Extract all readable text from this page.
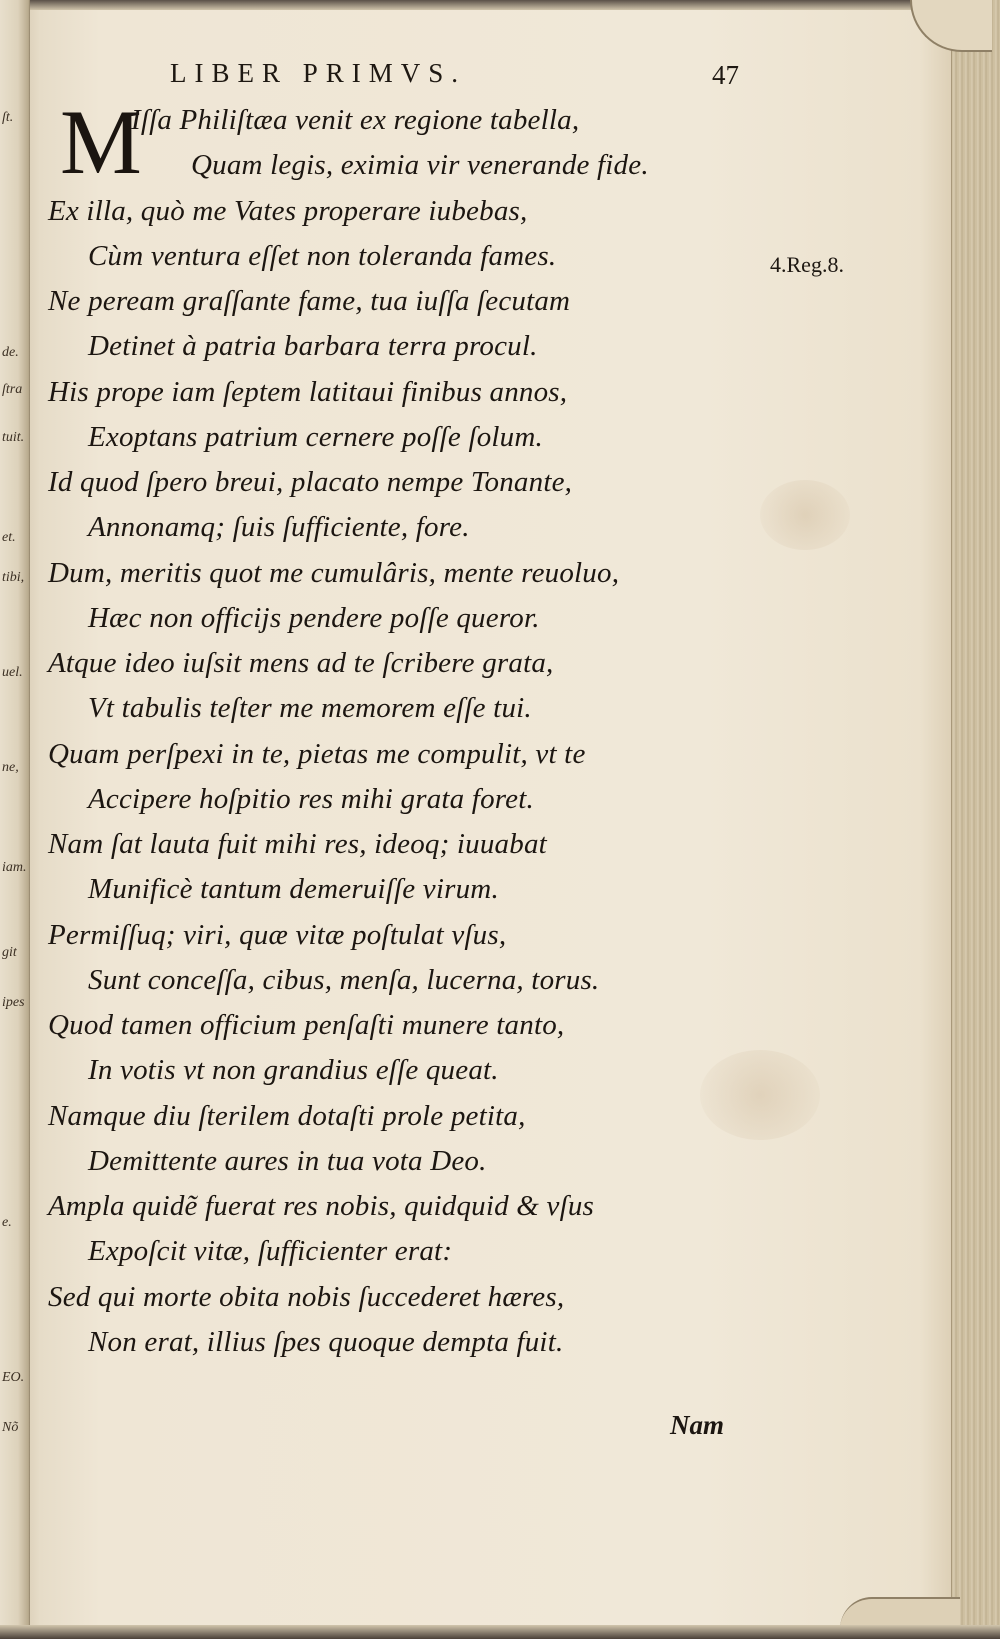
ſt.
de.
ſtra
tuit.
et.
tibi,
uel.
ne,
iam.
git
ipes
e.
EO.
Nõ
LIBER PRIMVS.	47
M
Iſſa Philiſtæa venit ex regione tabella,
Quam legis, eximia vir venerande fide.
Ex illa, quò me Vates properare iubebas,
Cùm ventura eſſet non toleranda fames.
Ne peream graſſante fame, tua iuſſa ſecutam
Detinet à patria barbara terra procul.
His prope iam ſeptem latitaui finibus annos,
Exoptans patrium cernere poſſe ſolum.
Id quod ſpero breui, placato nempe Tonante,
Annonamq; ſuis ſufficiente, fore.
Dum, meritis quot me cumulâris, mente reuoluo,
Hæc non officijs pendere poſſe queror.
Atque ideo iuſsit mens ad te ſcribere grata,
Vt tabulis teſter me memorem eſſe tui.
Quam perſpexi in te, pietas me compulit, vt te
Accipere hoſpitio res mihi grata foret.
Nam ſat lauta fuit mihi res, ideoq; iuuabat
Munificè tantum demeruiſſe virum.
Permiſſuq; viri, quæ vitæ poſtulat vſus,
Sunt conceſſa, cibus, menſa, lucerna, torus.
Quod tamen officium penſaſti munere tanto,
In votis vt non grandius eſſe queat.
Namque diu ſterilem dotaſti prole petita,
Demittente aures in tua vota Deo.
Ampla quidẽ fuerat res nobis, quidquid & vſus
Expoſcit vitæ, ſufficienter erat:
Sed qui morte obita nobis ſuccederet hæres,
Non erat, illius ſpes quoque dempta fuit.
4.Reg.8.
Nam
